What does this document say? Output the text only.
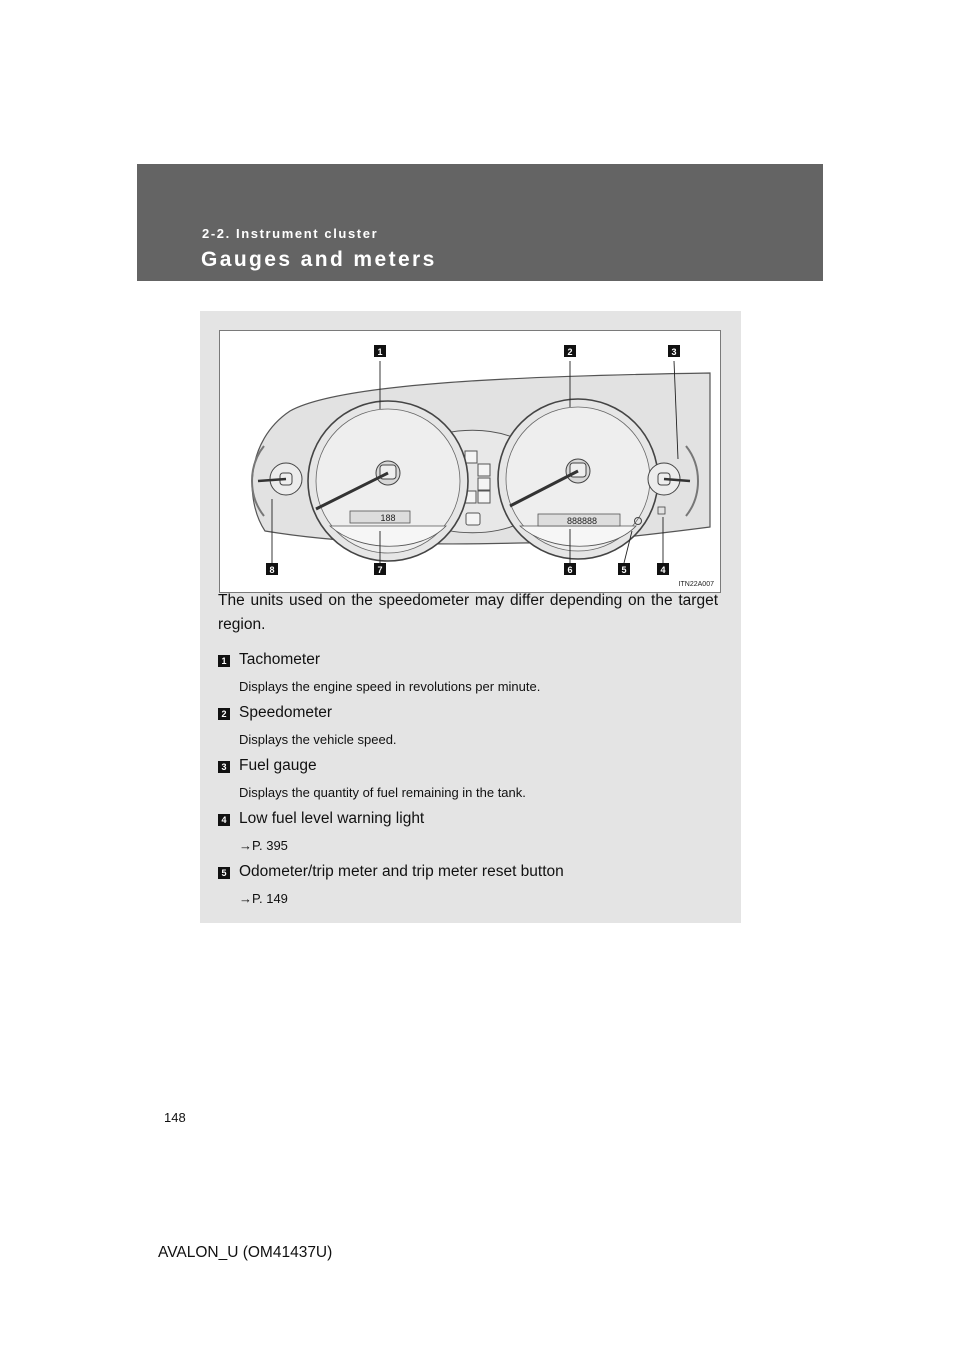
2-2. Instrument cluster
Gauges and meters
188	888888
1	2	3
4
5
6
7
8
ITN22A007
The units used on the speedometer may differ depending on the target region.
1 Tachometer
Displays the engine speed in revolutions per minute.
2 Speedometer
Displays the vehicle speed.
3 Fuel gauge
Displays the quantity of fuel remaining in the tank.
4 Low fuel level warning light
→P. 395
5 Odometer/trip meter and trip meter reset button
→P. 149
148
AVALON_U (OM41437U)
